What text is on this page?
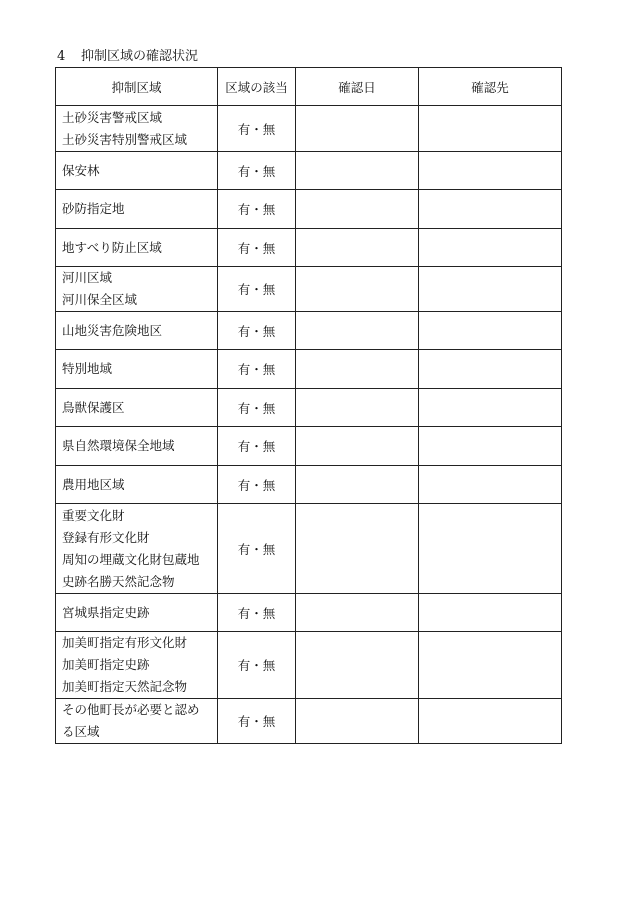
4 抑制区域の確認状況
抑制区域	区域の該当	確認日	確認先

土砂災害警戒区域
土砂災害特別警戒区域	有・無		

保安林	有・無		

砂防指定地	有・無		

地すべり防止区域	有・無		

河川区域
河川保全区域	有・無		

山地災害危険地区	有・無		

特別地域	有・無		

鳥獣保護区	有・無		

県自然環境保全地域	有・無		

農用地区域	有・無		

重要文化財
登録有形文化財
周知の埋蔵文化財包蔵地
史跡名勝天然記念物	有・無		

宮城県指定史跡	有・無		

加美町指定有形文化財
加美町指定史跡
加美町指定天然記念物	有・無		

その他町長が必要と認め
る区域	有・無		
